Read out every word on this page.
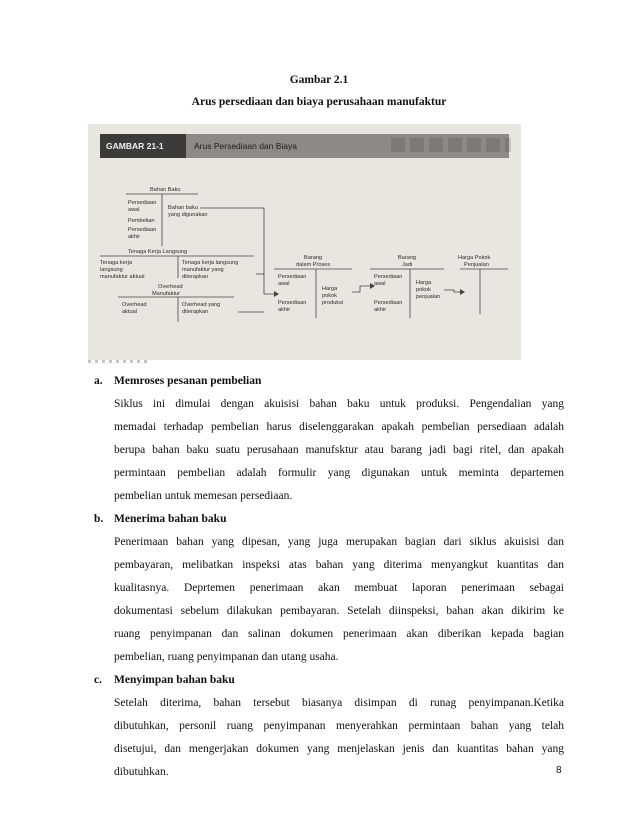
Gambar 2.1
Arus persediaan dan biaya perusahaan manufaktur
GAMBAR 21-1	Arus Persediaan dan Biaya
Bahan Baku
Persediaan
awal
Pembelian
Persediaan
akhir
Bahan baku
yang digunakan
Tenaga Kerja Langsung
Tenaga kerja
langsung
manufaktur aktual
Tenaga kerja langsung
manufaktur yang
diterapkan
Overhead
Manufaktur
Overhead
aktual
Overhead yang
diterapkan
Barang
dalam Proses
Persediaan
awal
Persediaan
akhir
Harga
pokok
produksi
Barang
Jadi
Persediaan
awal
Persediaan
akhir
Harga
pokok
penjualan
Harga Pokok
Penjualan
a. Memroses pesanan pembelian
Siklus ini dimulai dengan akuisisi bahan baku untuk produksi. Pengendalian yang
memadai terhadap pembelian harus diselenggarakan apakah pembelian persediaan adalah
berupa bahan baku suatu perusahaan manufsktur atau barang jadi bagi ritel, dan apakah
permintaan pembelian adalah formulir yang digunakan untuk meminta departemen
pembelian untuk memesan persediaan.
b. Menerima bahan baku
Penerimaan bahan yang dipesan, yang juga merupakan bagian dari siklus akuisisi dan
pembayaran, melibatkan inspeksi atas bahan yang diterima menyangkut kuantitas dan
kualitasnya. Deprtemen penerimaan akan membuat laporan penerimaan sebagai
dokumentasi sebelum dilakukan pembayaran. Setelah diinspeksi, bahan akan dikirim ke
ruang penyimpanan dan salinan dokumen penerimaan akan diberikan kepada bagian
pembelian, ruang penyimpanan dan utang usaha.
c. Menyimpan bahan baku
Setelah diterima, bahan tersebut biasanya disimpan di runag penyimpanan.Ketika
dibutuhkan, personil ruang penyimpanan menyerahkan permintaan bahan yang telah
disetujui, dan mengerjakan dokumen yang menjelaskan jenis dan kuantitas bahan yang
dibutuhkan.	8
